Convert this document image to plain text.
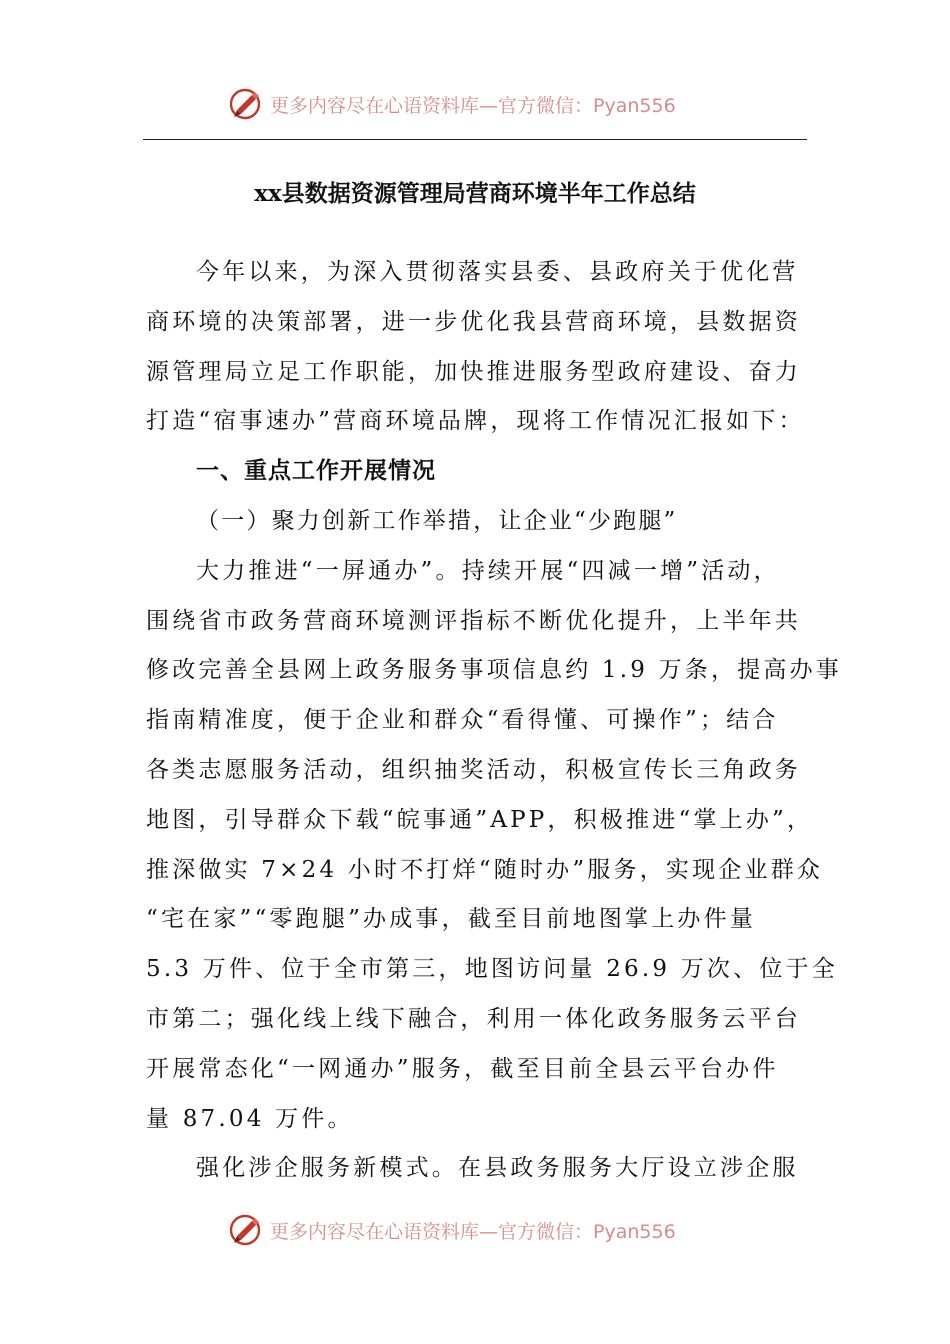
更多内容尽在心语资料库—官方微信：Pyan556
xx县数据资源管理局营商环境半年工作总结
今年以来，为深入贯彻落实县委、县政府关于优化营
商环境的决策部署，进一步优化我县营商环境，县数据资
源管理局立足工作职能，加快推进服务型政府建设、奋力
打造“宿事速办”营商环境品牌，现将工作情况汇报如下：
一、重点工作开展情况
（一）聚力创新工作举措，让企业“少跑腿”
大力推进“一屏通办”。持续开展“四减一增”活动，
围绕省市政务营商环境测评指标不断优化提升，上半年共
修改完善全县网上政务服务事项信息约 1.9 万条，提高办事
指南精准度，便于企业和群众“看得懂、可操作”；结合
各类志愿服务活动，组织抽奖活动，积极宣传长三角政务
地图，引导群众下载“皖事通”APP，积极推进“掌上办”，
推深做实 7×24 小时不打烊“随时办”服务，实现企业群众
“宅在家”“零跑腿”办成事，截至目前地图掌上办件量
5.3 万件、位于全市第三，地图访问量 26.9 万次、位于全
市第二；强化线上线下融合，利用一体化政务服务云平台
开展常态化“一网通办”服务，截至目前全县云平台办件
量 87.04 万件。
强化涉企服务新模式。在县政务服务大厅设立涉企服
更多内容尽在心语资料库—官方微信：Pyan556
